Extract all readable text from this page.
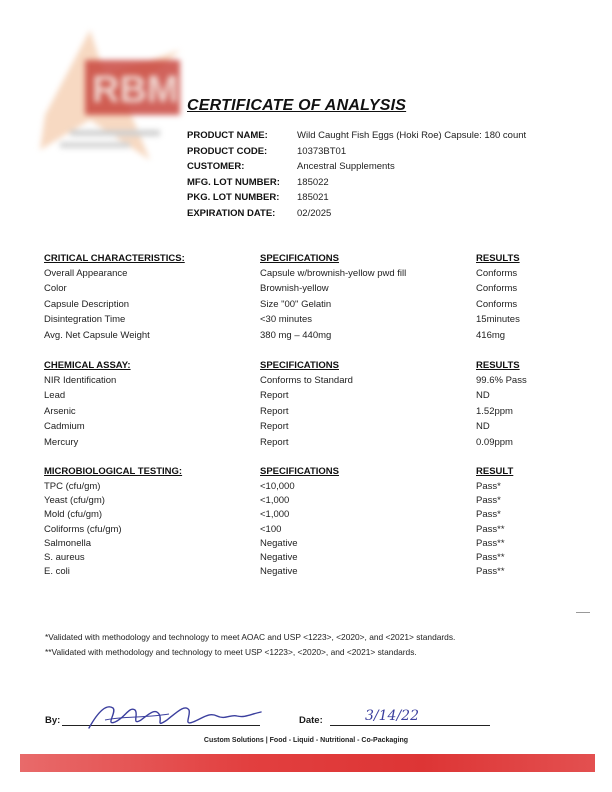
RBM CERTIFICATE OF ANALYSIS
PRODUCT NAME:	Wild Caught Fish Eggs (Hoki Roe) Capsule: 180 count
PRODUCT CODE:	10373BT01
CUSTOMER:	Ancestral Supplements
MFG. LOT NUMBER:	185022
PKG. LOT NUMBER:	185021
EXPIRATION DATE:	02/2025
CRITICAL CHARACTERISTICS:	SPECIFICATIONS	RESULTS
Overall Appearance	Capsule w/brownish-yellow pwd fill	Conforms
Color	Brownish-yellow	Conforms
Capsule Description	Size "00" Gelatin	Conforms
Disintegration Time	<30 minutes	15minutes
Avg. Net Capsule Weight	380 mg – 440mg	416mg
CHEMICAL ASSAY:	SPECIFICATIONS	RESULTS
NIR Identification	Conforms to Standard	99.6% Pass
Lead	Report	ND
Arsenic	Report	1.52ppm
Cadmium	Report	ND
Mercury	Report	0.09ppm
MICROBIOLOGICAL TESTING:	SPECIFICATIONS	RESULT
TPC (cfu/gm)	<10,000	Pass*
Yeast (cfu/gm)	<1,000	Pass*
Mold (cfu/gm)	<1,000	Pass*
Coliforms (cfu/gm)	<100	Pass**
Salmonella	Negative	Pass**
S. aureus	Negative	Pass**
E. coli	Negative	Pass**
*Validated with methodology and technology to meet AOAC and USP <1223>, <2020>, and <2021> standards.
**Validated with methodology and technology to meet USP <1223>, <2020>, and <2021> standards.
By:	Date:	3/14/22
Custom Solutions | Food - Liquid - Nutritional - Co-Packaging
